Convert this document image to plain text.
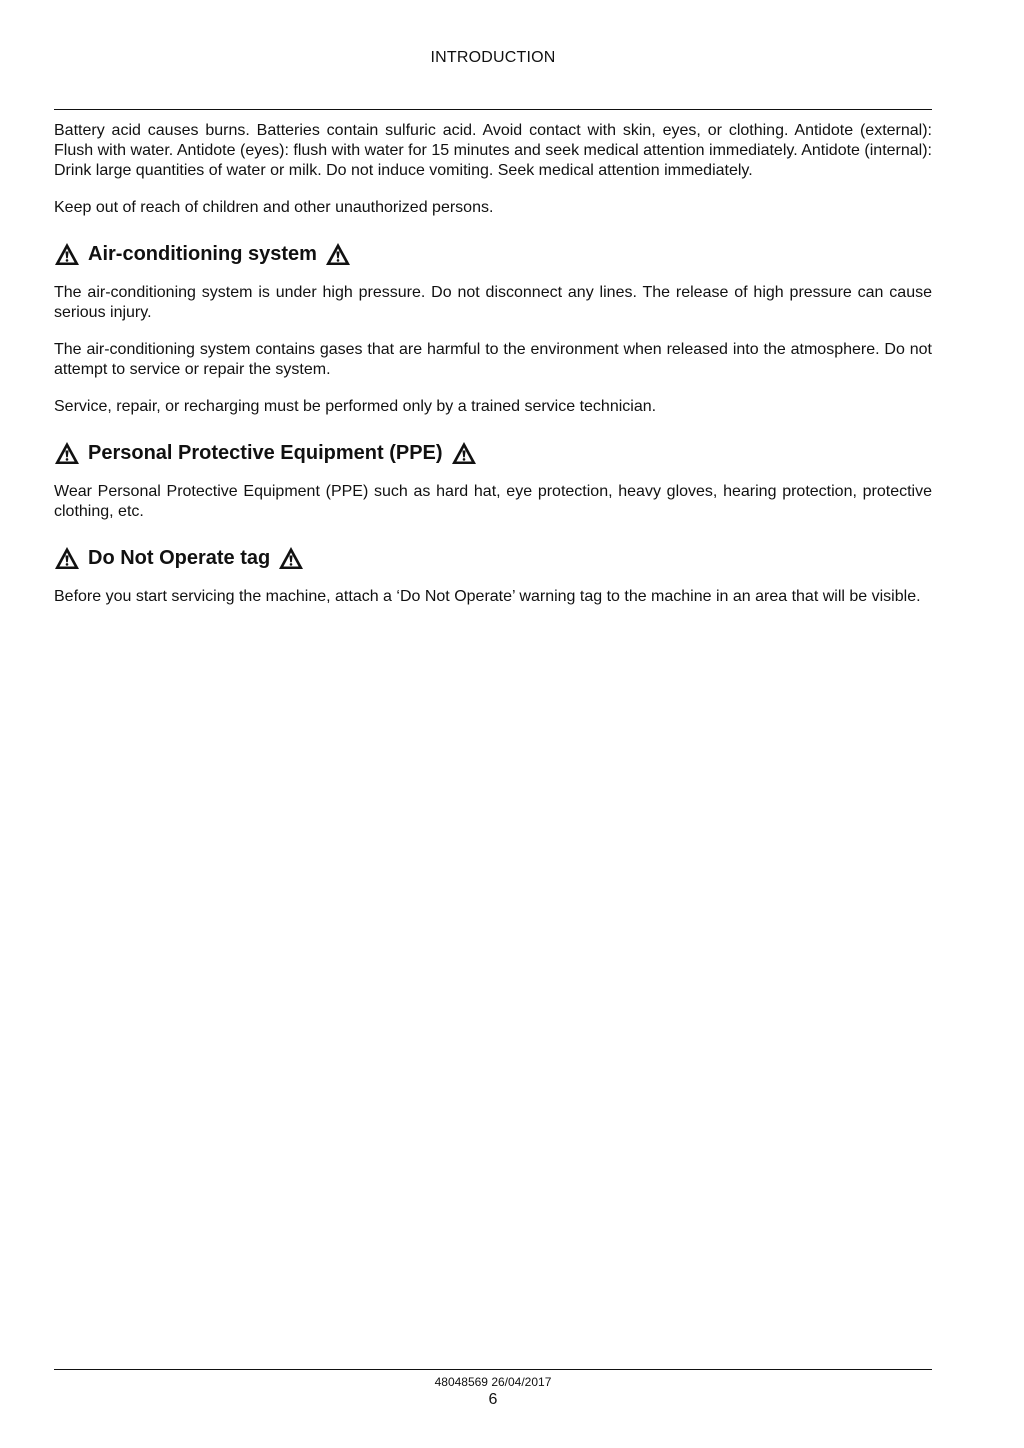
INTRODUCTION

Battery acid causes burns. Batteries contain sulfuric acid. Avoid contact with skin, eyes, or clothing. Antidote (external): Flush with water. Antidote (eyes): flush with water for 15 minutes and seek medical attention immediately. Antidote (internal): Drink large quantities of water or milk. Do not induce vomiting. Seek medical attention immediately.

Keep out of reach of children and other unauthorized persons.

Air-conditioning system

The air-conditioning system is under high pressure. Do not disconnect any lines. The release of high pressure can cause serious injury.

The air-conditioning system contains gases that are harmful to the environment when released into the atmosphere. Do not attempt to service or repair the system.

Service, repair, or recharging must be performed only by a trained service technician.

Personal Protective Equipment (PPE)

Wear Personal Protective Equipment (PPE) such as hard hat, eye protection, heavy gloves, hearing protection, protective clothing, etc.

Do Not Operate tag

Before you start servicing the machine, attach a ‘Do Not Operate’ warning tag to the machine in an area that will be visible.

48048569 26/04/2017
6
